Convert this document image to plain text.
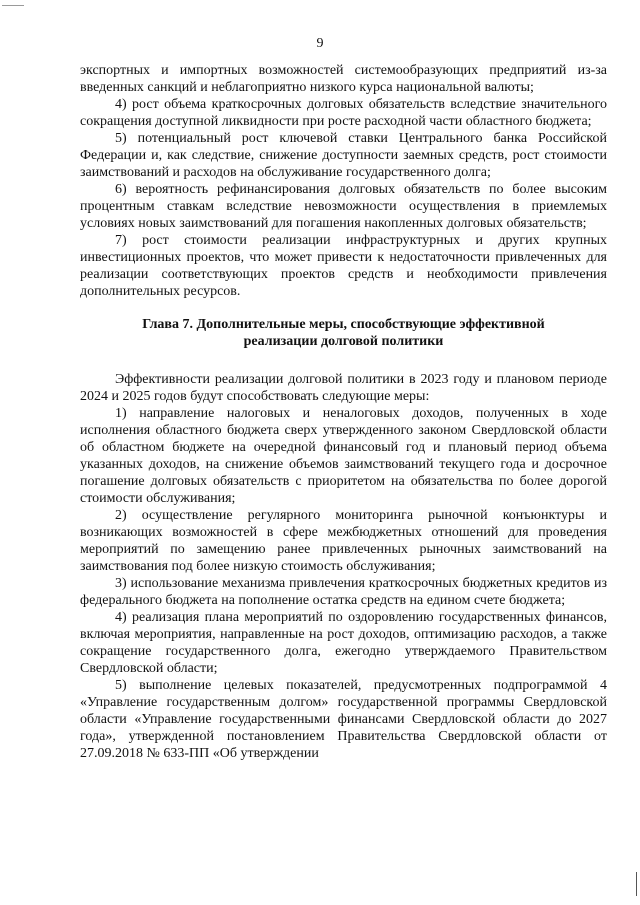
9

экспортных и импортных возможностей системообразующих предприятий из-за введенных санкций и неблагоприятно низкого курса национальной валюты;

4) рост объема краткосрочных долговых обязательств вследствие значительного сокращения доступной ликвидности при росте расходной части областного бюджета;

5) потенциальный рост ключевой ставки Центрального банка Российской Федерации и, как следствие, снижение доступности заемных средств, рост стоимости заимствований и расходов на обслуживание государственного долга;

6) вероятность рефинансирования долговых обязательств по более высоким процентным ставкам вследствие невозможности осуществления в приемлемых условиях новых заимствований для погашения накопленных долговых обязательств;

7) рост стоимости реализации инфраструктурных и других крупных инвестиционных проектов, что может привести к недостаточности привлеченных для реализации соответствующих проектов средств и необходимости привлечения дополнительных ресурсов.

Глава 7. Дополнительные меры, способствующие эффективной реализации долговой политики

Эффективности реализации долговой политики в 2023 году и плановом периоде 2024 и 2025 годов будут способствовать следующие меры:

1) направление налоговых и неналоговых доходов, полученных в ходе исполнения областного бюджета сверх утвержденного законом Свердловской области об областном бюджете на очередной финансовый год и плановый период объема указанных доходов, на снижение объемов заимствований текущего года и досрочное погашение долговых обязательств с приоритетом на обязательства по более дорогой стоимости обслуживания;

2) осуществление регулярного мониторинга рыночной конъюнктуры и возникающих возможностей в сфере межбюджетных отношений для проведения мероприятий по замещению ранее привлеченных рыночных заимствований на заимствования под более низкую стоимость обслуживания;

3) использование механизма привлечения краткосрочных бюджетных кредитов из федерального бюджета на пополнение остатка средств на едином счете бюджета;

4) реализация плана мероприятий по оздоровлению государственных финансов, включая мероприятия, направленные на рост доходов, оптимизацию расходов, а также сокращение государственного долга, ежегодно утверждаемого Правительством Свердловской области;

5) выполнение целевых показателей, предусмотренных подпрограммой 4 «Управление государственным долгом» государственной программы Свердловской области «Управление государственными финансами Свердловской области до 2027 года», утвержденной постановлением Правительства Свердловской области от 27.09.2018 № 633-ПП «Об утверждении
